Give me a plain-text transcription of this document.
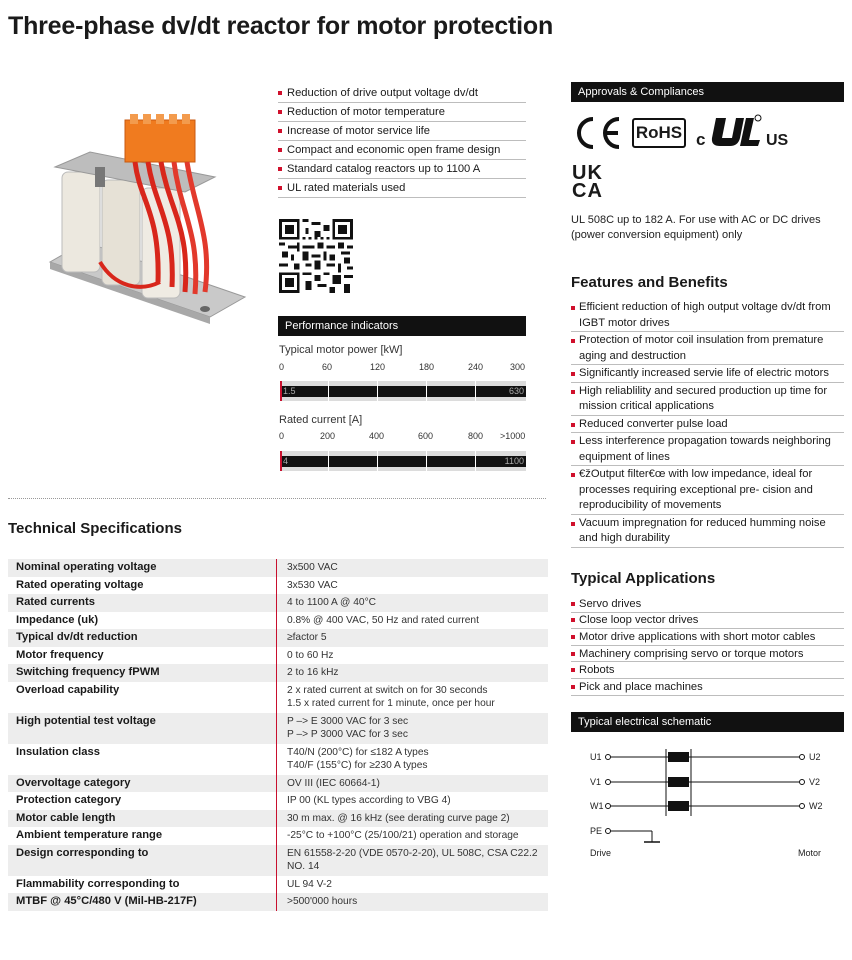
Three-phase dv/dt reactor for motor protection
Reduction of drive output voltage dv/dt
Reduction of motor temperature
Increase of motor service life
Compact and economic open frame design
Standard catalog reactors up to 1100 A
UL rated materials used
Performance indicators
Typical motor power [kW]
0	60	120	180	240	300
1.5	630
Rated current [A]
0	200	400	600	800 >1000
4	1100
Technical Specifications
Nominal operating voltage	3x500 VAC
Rated operating voltage	3x530 VAC
Rated currents	4 to 1100 A @ 40°C
Impedance (uk)	0.8% @ 400 VAC, 50 Hz and rated current
Typical dv/dt reduction	≥factor 5
Motor frequency	0 to 60 Hz
Switching frequency fPWM	2 to 16 kHz
Overload capability	2 x rated current at switch on for 30 seconds
1.5 x rated current for 1 minute, once per hour
High potential test voltage	P –> E 3000 VAC for 3 sec
P –> P 3000 VAC for 3 sec
Insulation class	T40/N (200°C) for ≤182 A types
T40/F (155°C) for ≥230 A types
Overvoltage category	OV III (IEC 60664-1)
Protection category	IP 00 (KL types according to VBG 4)
Motor cable length	30 m max. @ 16 kHz (see derating curve page 2)
Ambient temperature range	-25°C to +100°C (25/100/21) operation and storage
Design corresponding to	EN 61558-2-20 (VDE 0570-2-20), UL 508C, CSA C22.2
NO. 14
Flammability corresponding to	UL 94 V-2
MTBF @ 45°C/480 V (Mil-HB-217F)	>500'000 hours
Approvals & Compliances
RoHS c	US
UK
CA
UL 508C up to 182 A. For use with AC or DC drives (power conversion equipment) only
Features and Benefits
Efficient reduction of high output voltage dv/dt from IGBT motor drives
Protection of motor coil insulation from premature aging and destruction
Significantly increased servie life of electric motors
High reliablility and secured production up time for mission critical applications
Reduced converter pulse load
Less interference propagation towards neighboring equipment of lines
€žOutput filter€œ with low impedance, ideal for processes requiring exceptional pre- cision and reproducibility of movements
Vacuum impregnation for reduced humming noise and high durability
Typical Applications
Servo drives
Close loop vector drives
Motor drive applications with short motor cables
Machinery comprising servo or torque motors
Robots
Pick and place machines
Typical electrical schematic
U1
V1
W1
U2
V2
W2
PE
Drive	Motor
